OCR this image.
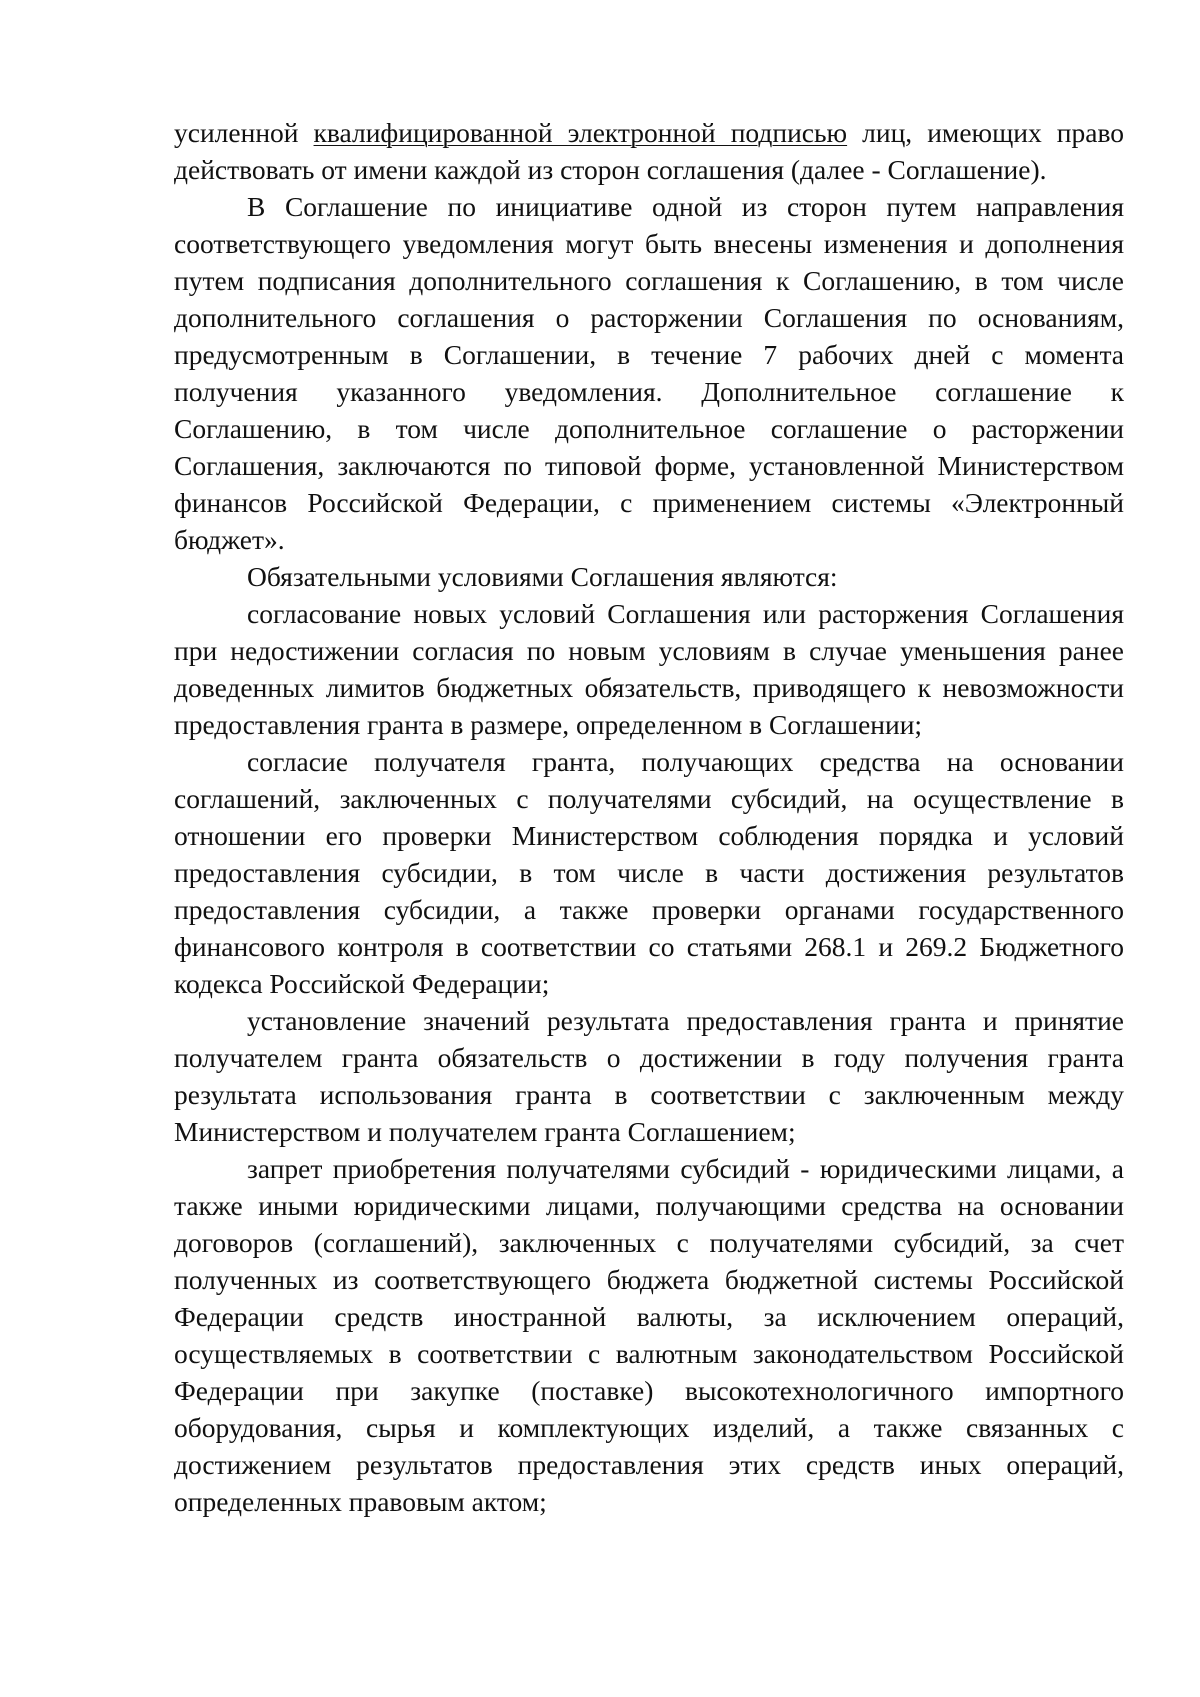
усиленной квалифицированной электронной подписью лиц, имеющих право действовать от имени каждой из сторон соглашения (далее - Соглашение).

В Соглашение по инициативе одной из сторон путем направления соответствующего уведомления могут быть внесены изменения и дополнения путем подписания дополнительного соглашения к Соглашению, в том числе дополнительного соглашения о расторжении Соглашения по основаниям, предусмотренным в Соглашении, в течение 7 рабочих дней с момента получения указанного уведомления. Дополнительное соглашение к Соглашению, в том числе дополнительное соглашение о расторжении Соглашения, заключаются по типовой форме, установленной Министерством финансов Российской Федерации, с применением системы «Электронный бюджет».

Обязательными условиями Соглашения являются:

согласование новых условий Соглашения или расторжения Соглашения при недостижении согласия по новым условиям в случае уменьшения ранее доведенных лимитов бюджетных обязательств, приводящего к невозможности предоставления гранта в размере, определенном в Соглашении;

согласие получателя гранта, получающих средства на основании соглашений, заключенных с получателями субсидий, на осуществление в отношении его проверки Министерством соблюдения порядка и условий предоставления субсидии, в том числе в части достижения результатов предоставления субсидии, а также проверки органами государственного финансового контроля в соответствии со статьями 268.1 и 269.2 Бюджетного кодекса Российской Федерации;

установление значений результата предоставления гранта и принятие получателем гранта обязательств о достижении в году получения гранта результата использования гранта в соответствии с заключенным между Министерством и получателем гранта Соглашением;

запрет приобретения получателями субсидий - юридическими лицами, а также иными юридическими лицами, получающими средства на основании договоров (соглашений), заключенных с получателями субсидий, за счет полученных из соответствующего бюджета бюджетной системы Российской Федерации средств иностранной валюты, за исключением операций, осуществляемых в соответствии с валютным законодательством Российской Федерации при закупке (поставке) высокотехнологичного импортного оборудования, сырья и комплектующих изделий, а также связанных с достижением результатов предоставления этих средств иных операций, определенных правовым актом;
